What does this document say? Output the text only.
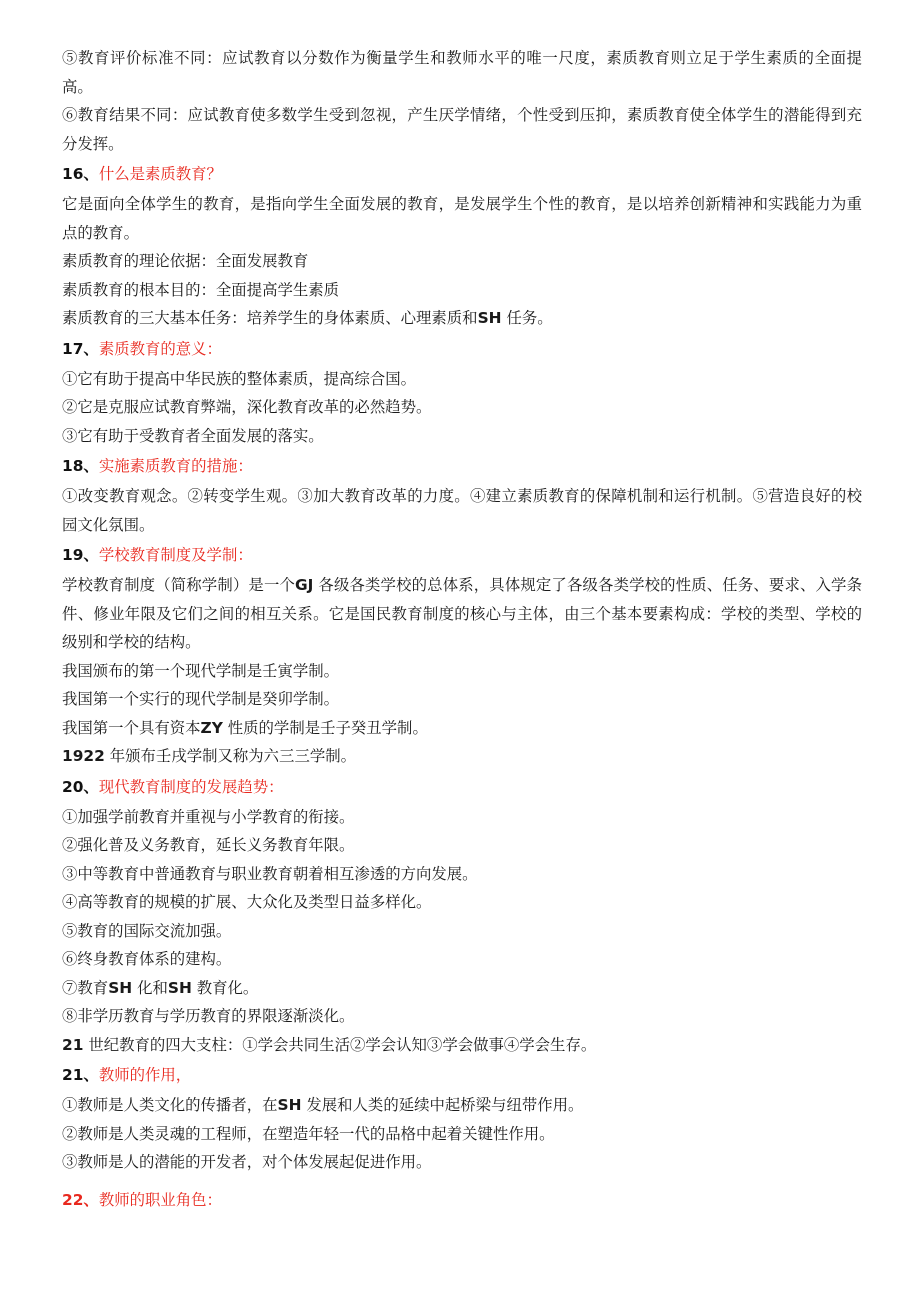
⑤教育评价标准不同：应试教育以分数作为衡量学生和教师水平的唯一尺度，素质教育则立足于学生素质的全面提高。
⑥教育结果不同：应试教育使多数学生受到忽视，产生厌学情绪，个性受到压抑，素质教育使全体学生的潜能得到充分发挥。
16、什么是素质教育？
它是面向全体学生的教育，是指向学生全面发展的教育，是发展学生个性的教育，是以培养创新精神和实践能力为重点的教育。
素质教育的理论依据：全面发展教育
素质教育的根本目的：全面提高学生素质
素质教育的三大基本任务：培养学生的身体素质、心理素质和SH 任务。
17、素质教育的意义：
①它有助于提高中华民族的整体素质，提高综合国。
②它是克服应试教育弊端，深化教育改革的必然趋势。
③它有助于受教育者全面发展的落实。
18、实施素质教育的措施：
①改变教育观念。②转变学生观。③加大教育改革的力度。④建立素质教育的保障机制和运行机制。⑤营造良好的校园文化氛围。
19、学校教育制度及学制：
学校教育制度（简称学制）是一个GJ 各级各类学校的总体系，具体规定了各级各类学校的性质、任务、要求、入学条件、修业年限及它们之间的相互关系。它是国民教育制度的核心与主体，由三个基本要素构成：学校的类型、学校的级别和学校的结构。
我国颁布的第一个现代学制是壬寅学制。
我国第一个实行的现代学制是癸卯学制。
我国第一个具有资本ZY 性质的学制是壬子癸丑学制。
1922 年颁布壬戌学制又称为六三三学制。
20、现代教育制度的发展趋势：
①加强学前教育并重视与小学教育的衔接。
②强化普及义务教育，延长义务教育年限。
③中等教育中普通教育与职业教育朝着相互渗透的方向发展。
④高等教育的规模的扩展、大众化及类型日益多样化。
⑤教育的国际交流加强。
⑥终身教育体系的建构。
⑦教育SH 化和SH 教育化。
⑧非学历教育与学历教育的界限逐渐淡化。
21 世纪教育的四大支柱：①学会共同生活②学会认知③学会做事④学会生存。
21、教师的作用，
①教师是人类文化的传播者，在SH 发展和人类的延续中起桥梁与纽带作用。
②教师是人类灵魂的工程师，在塑造年轻一代的品格中起着关键性作用。
③教师是人的潜能的开发者，对个体发展起促进作用。
22、教师的职业角色：
